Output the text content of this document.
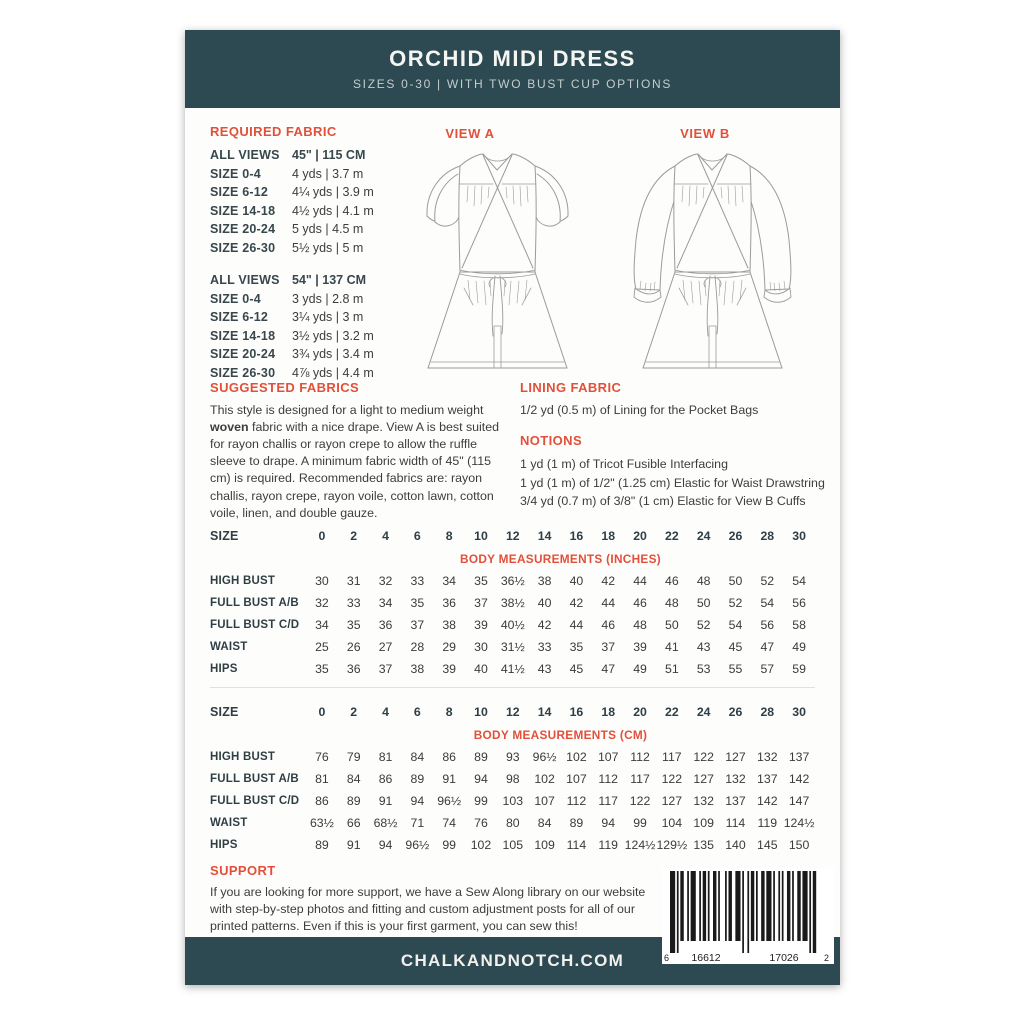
ORCHID MIDI DRESS
SIZES 0-30 | WITH TWO BUST CUP OPTIONS
REQUIRED FABRIC
ALL VIEWS 45" | 115 CM
SIZE 0-4	4 yds | 3.7 m
SIZE 6-12	4¼ yds | 3.9 m
SIZE 14-18	4½ yds | 4.1 m
SIZE 20-24	5 yds | 4.5 m
SIZE 26-30	5½ yds | 5 m
ALL VIEWS 54" | 137 CM
SIZE 0-4	3 yds | 2.8 m
SIZE 6-12	3¼ yds | 3 m
SIZE 14-18	3½ yds | 3.2 m
SIZE 20-24	3¾ yds | 3.4 m
SIZE 26-30	4⅞ yds | 4.4 m
VIEW A	VIEW B
SUGGESTED FABRICS

This style is designed for a light to medium weight woven fabric with a nice drape. View A is best suited for rayon challis or rayon crepe to allow the ruffle sleeve to drape. A minimum fabric width of 45" (115 cm) is required. Recommended fabrics are: rayon challis, rayon crepe, rayon voile, cotton lawn, cotton voile, linen, and double gauze.

LINING FABRIC

1/2 yd (0.5 m) of Lining for the Pocket Bags

NOTIONS
1 yd (1 m) of Tricot Fusible Interfacing
1 yd (1 m) of 1/2" (1.25 cm) Elastic for Waist Drawstring
3/4 yd (0.7 m) of 3/8" (1 cm) Elastic for View B Cuffs
SIZE	0	2	4	6	8	10	12	14	16	18	20	22	24	26	28	30
BODY MEASUREMENTS (INCHES)
HIGH BUST	30	31	32	33	34	35	36½	38	40	42	44	46	48	50	52	54
FULL BUST A/B	32	33	34	35	36	37	38½	40	42	44	46	48	50	52	54	56
FULL BUST C/D	34	35	36	37	38	39	40½	42	44	46	48	50	52	54	56	58
WAIST	25	26	27	28	29	30	31½	33	35	37	39	41	43	45	47	49
HIPS	35	36	37	38	39	40	41½	43	45	47	49	51	53	55	57	59
SIZE	0	2	4	6	8	10	12	14	16	18	20	22	24	26	28	30
BODY MEASUREMENTS (CM)
HIGH BUST	76	79	81	84	86	89	93	96½ 102 107 112 117 122 127 132 137
FULL BUST A/B	81	84	86	89	91	94	98	102 107 112 117 122 127 132 137 142
FULL BUST C/D	86	89	91	94	96½	99	103 107 112 117 122 127 132 137 142 147
WAIST	63½	66	68½	71	74	76	80	84	89	94	99	104 109 114 119 124½
HIPS	89	91	94	96½	99	102 105 109 114 119 124½ 129½ 135 140 145 150
SUPPORT

If you are looking for more support, we have a Sew Along library on our website with step-by-step photos and fitting and custom adjustment posts for all of our printed patterns. Even if this is your first garment, you can sew this!

CHALKANDNOTCH.COM	6 16612	17026	2
